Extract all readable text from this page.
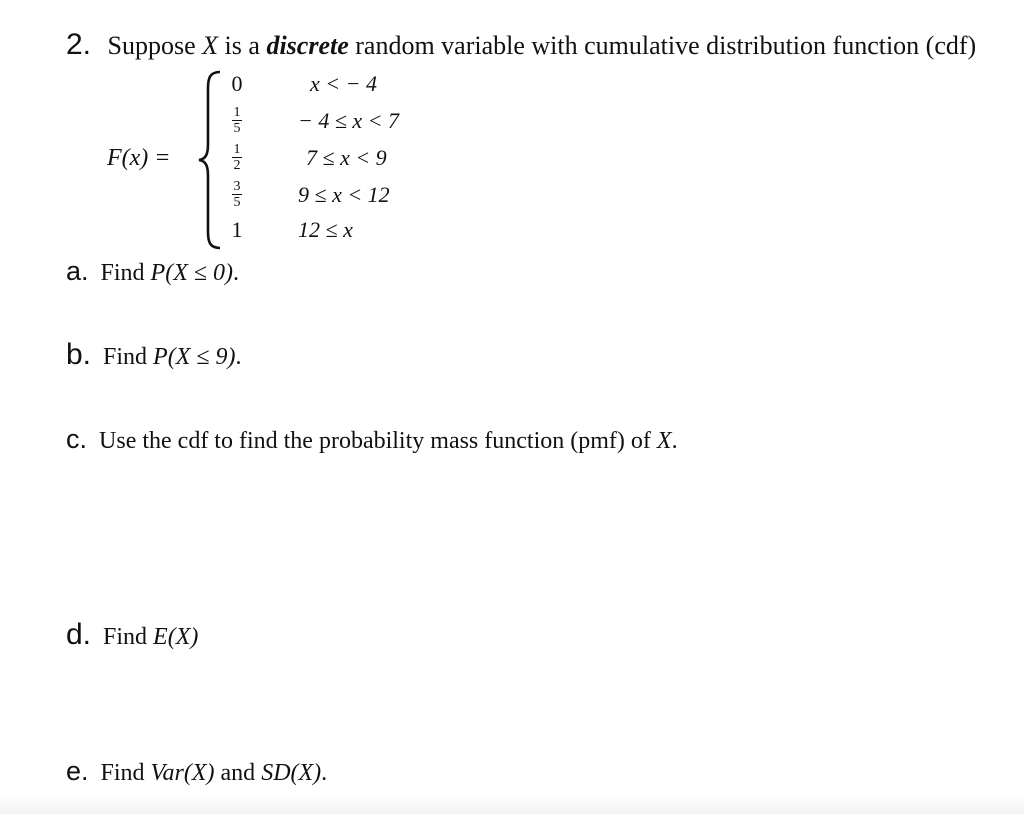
2. Suppose X is a discrete random variable with cumulative distribution function (cdf)
F(x) =
0
1
5
1
2
3
5
1
x < − 4
− 4 ≤ x < 7
7 ≤ x < 9
9 ≤ x < 12
12 ≤ x
a. Find P(X ≤ 0).
b. Find P(X ≤ 9).
c. Use the cdf to find the probability mass function (pmf) of X.
d. Find E(X)
e. Find Var(X) and SD(X).
